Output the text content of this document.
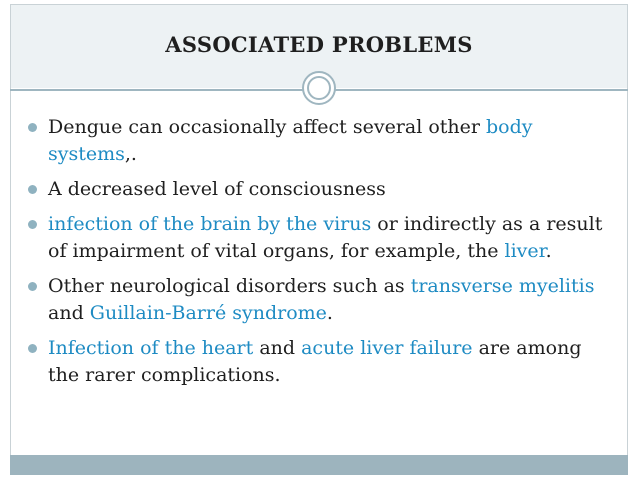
ASSOCIATED PROBLEMS
Dengue can occasionally affect several other body systems,.
A decreased level of consciousness
infection of the brain by the virus or indirectly as a result of impairment of vital organs, for example, the liver.
Other neurological disorders such as transverse myelitis and Guillain-Barré syndrome.
Infection of the heart and acute liver failure are among the rarer complications.
